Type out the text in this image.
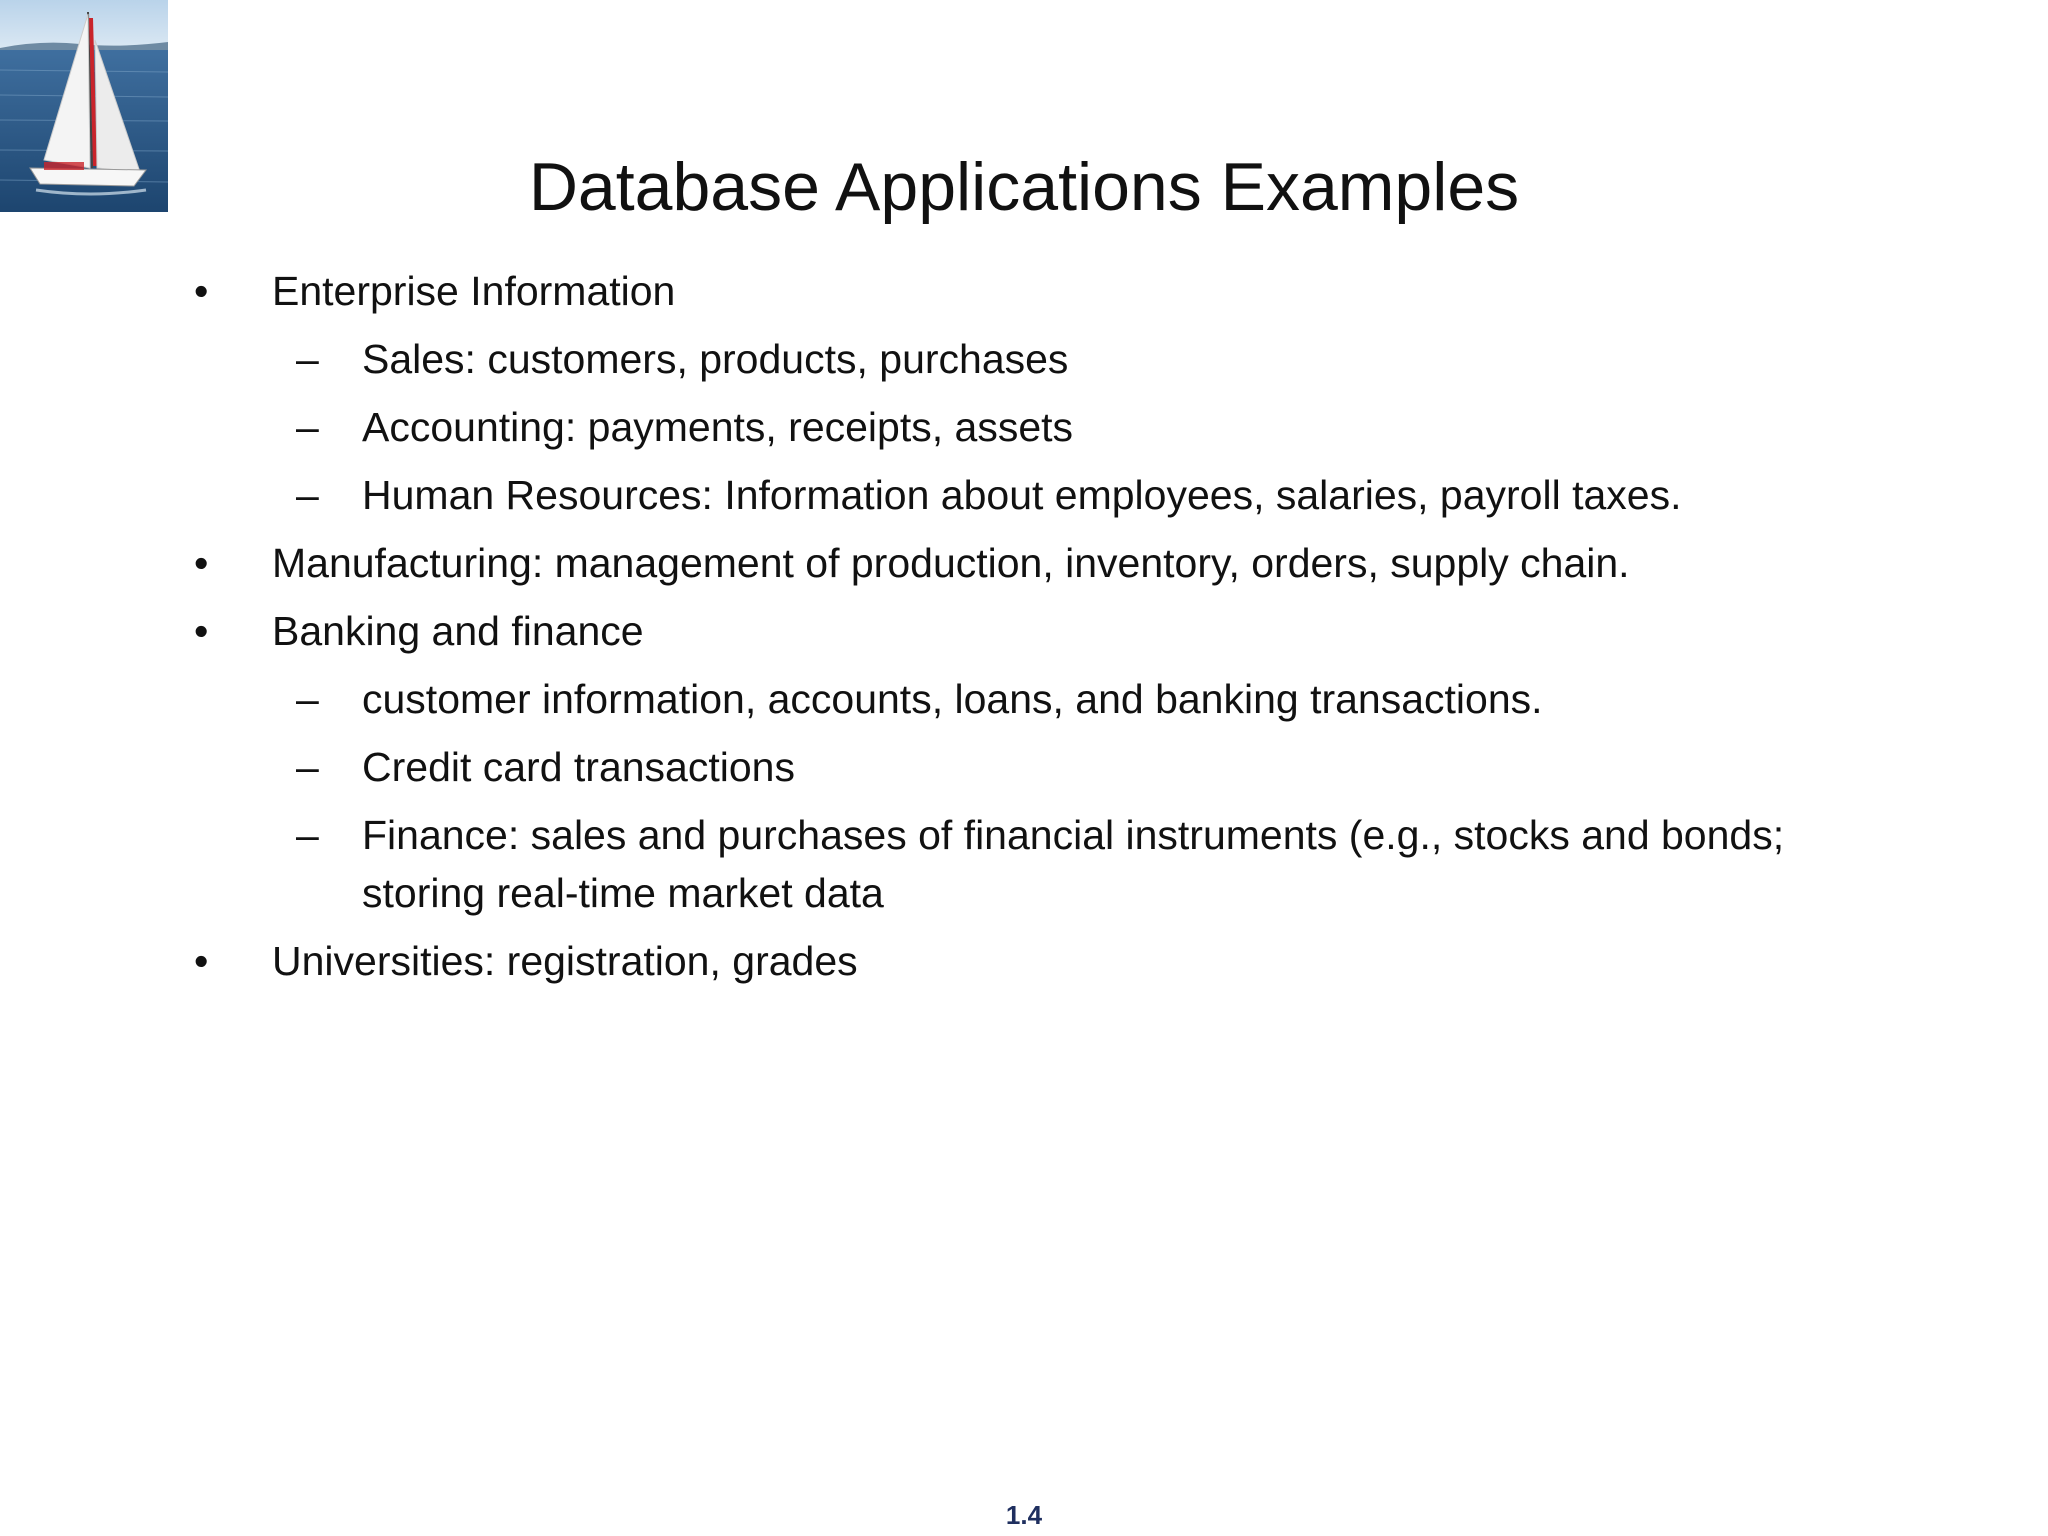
Database Applications Examples
• Enterprise Information
– Sales: customers, products, purchases
– Accounting: payments, receipts, assets
– Human Resources: Information about employees, salaries, payroll taxes.
• Manufacturing: management of production, inventory, orders, supply chain.
• Banking and finance
– customer information, accounts, loans, and banking transactions.
– Credit card transactions
– Finance: sales and purchases of financial instruments (e.g., stocks and bonds; storing real-time market data
• Universities: registration, grades
1.4
